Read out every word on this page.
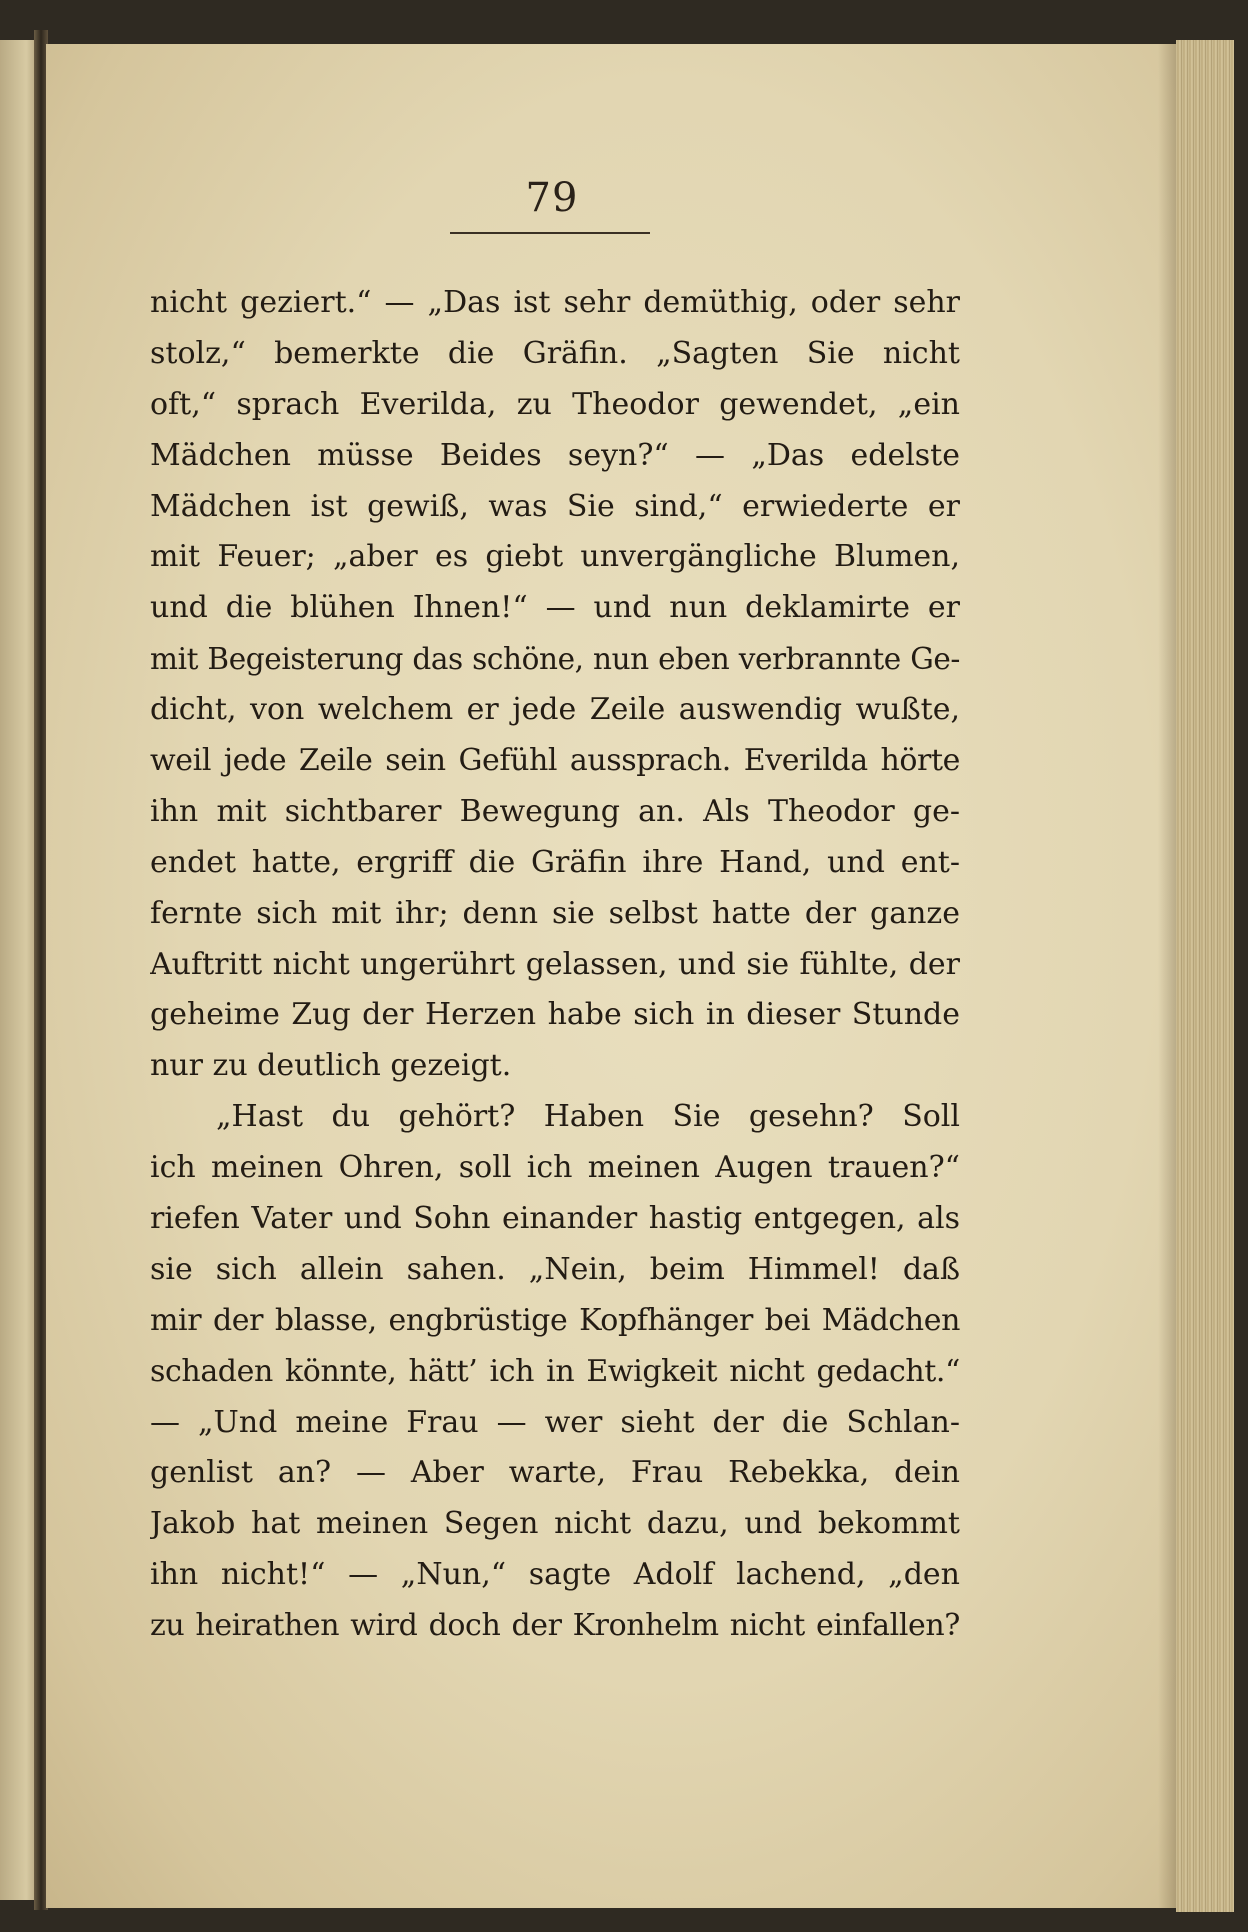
79
nicht geziert.“ — „Das ist sehr demüthig, oder sehr
stolz,“ bemerkte die Gräfin. „Sagten Sie nicht
oft,“ sprach Everilda, zu Theodor gewendet, „ein
Mädchen müsse Beides seyn?“ — „Das edelste
Mädchen ist gewiß, was Sie sind,“ erwiederte er
mit Feuer; „aber es giebt unvergängliche Blumen,
und die blühen Ihnen!“ — und nun deklamirte er
mit Begeisterung das schöne, nun eben verbrannte Ge-
dicht, von welchem er jede Zeile auswendig wußte,
weil jede Zeile sein Gefühl aussprach. Everilda hörte
ihn mit sichtbarer Bewegung an. Als Theodor ge-
endet hatte, ergriff die Gräfin ihre Hand, und ent-
fernte sich mit ihr; denn sie selbst hatte der ganze
Auftritt nicht ungerührt gelassen, und sie fühlte, der
geheime Zug der Herzen habe sich in dieser Stunde
nur zu deutlich gezeigt.
„Hast du gehört? Haben Sie gesehn? Soll
ich meinen Ohren, soll ich meinen Augen trauen?“
riefen Vater und Sohn einander hastig entgegen, als
sie sich allein sahen. „Nein, beim Himmel! daß
mir der blasse, engbrüstige Kopfhänger bei Mädchen
schaden könnte, hätt’ ich in Ewigkeit nicht gedacht.“
— „Und meine Frau — wer sieht der die Schlan-
genlist an? — Aber warte, Frau Rebekka, dein
Jakob hat meinen Segen nicht dazu, und bekommt
ihn nicht!“ — „Nun,“ sagte Adolf lachend, „den
zu heirathen wird doch der Kronhelm nicht einfallen?
